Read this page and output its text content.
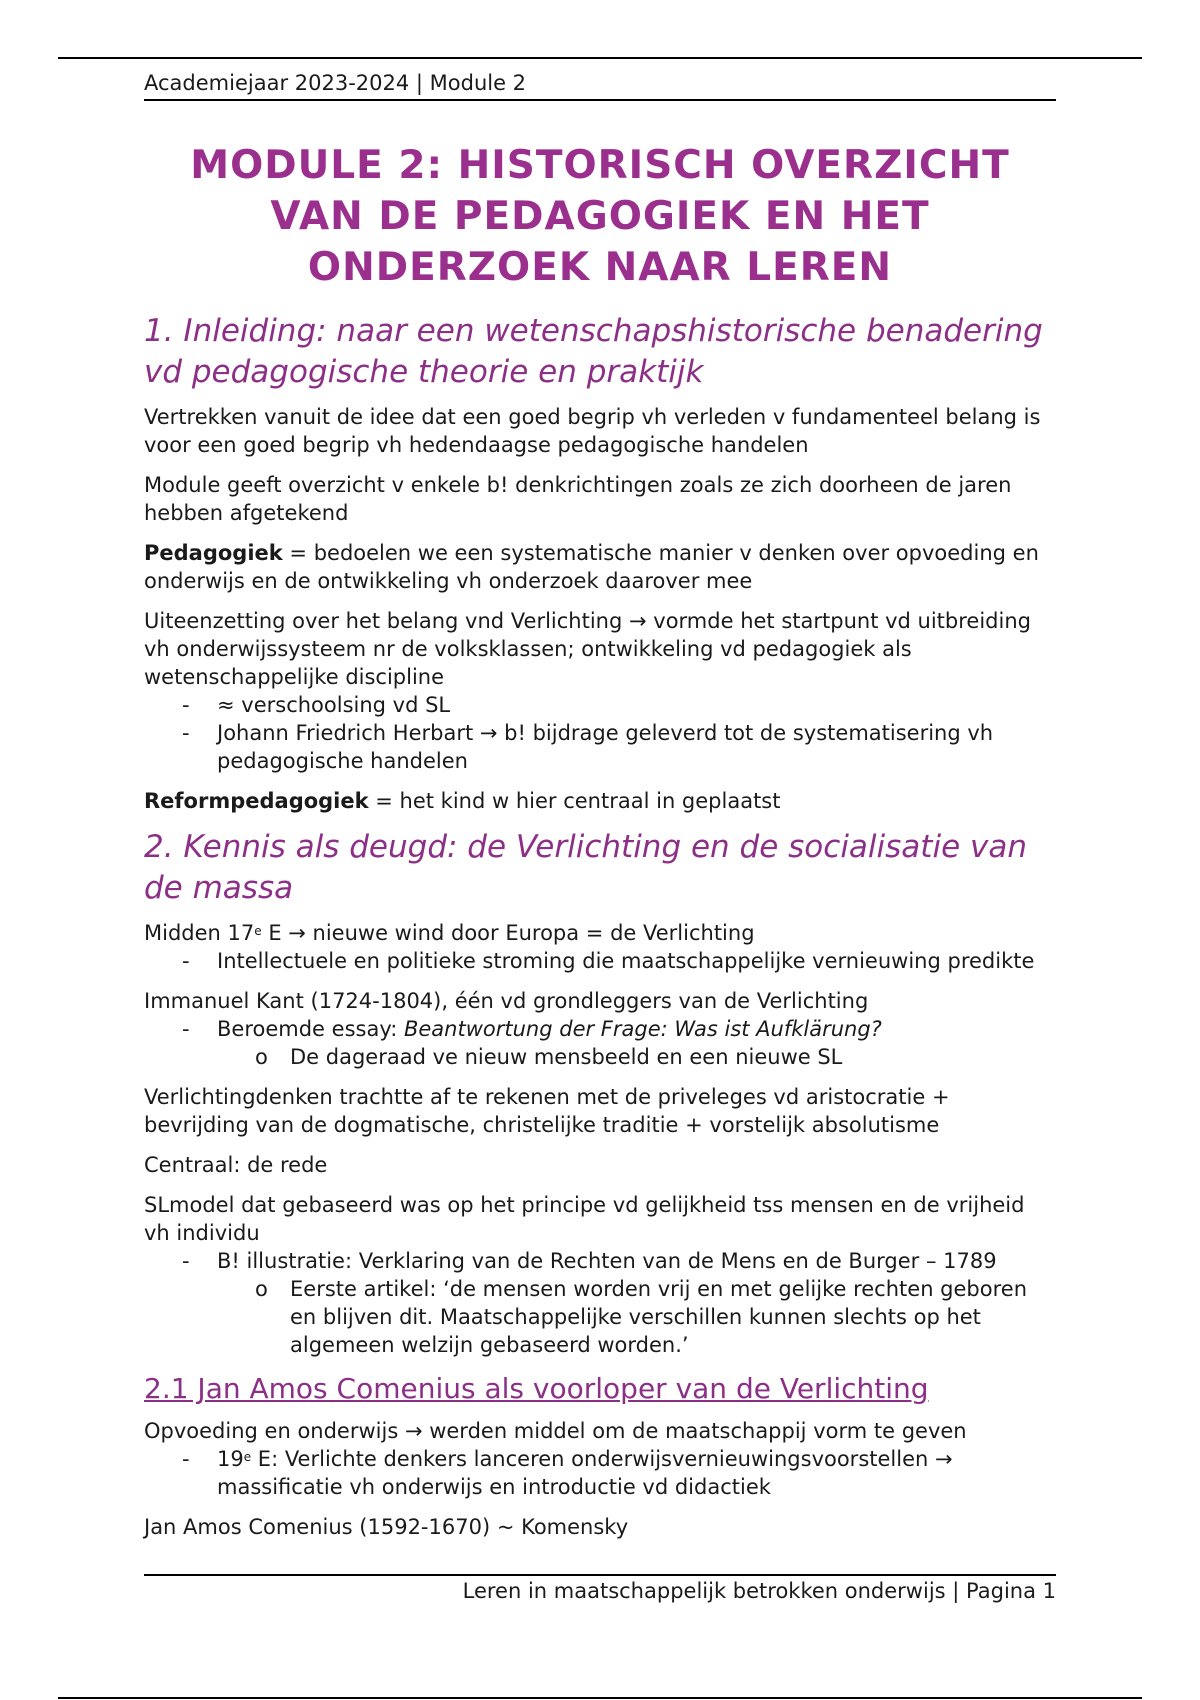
Academiejaar 2023-2024 | Module 2
MODULE 2: HISTORISCH OVERZICHT VAN DE PEDAGOGIEK EN HET ONDERZOEK NAAR LEREN
1. Inleiding: naar een wetenschapshistorische benadering vd pedagogische theorie en praktijk

Vertrekken vanuit de idee dat een goed begrip vh verleden v fundamenteel belang is voor een goed begrip vh hedendaagse pedagogische handelen

Module geeft overzicht v enkele b! denkrichtingen zoals ze zich doorheen de jaren hebben afgetekend

Pedagogiek = bedoelen we een systematische manier v denken over opvoeding en onderwijs en de ontwikkeling vh onderzoek daarover mee

Uiteenzetting over het belang vnd Verlichting → vormde het startpunt vd uitbreiding vh onderwijssysteem nr de volksklassen; ontwikkeling vd pedagogiek als wetenschappelijke discipline

- ≈ verschoolsing vd SL
- Johann Friedrich Herbart → b! bijdrage geleverd tot de systematisering vh pedagogische handelen

Reformpedagogiek = het kind w hier centraal in geplaatst

2. Kennis als deugd: de Verlichting en de socialisatie van de massa

Midden 17e E → nieuwe wind door Europa = de Verlichting

- Intellectuele en politieke stroming die maatschappelijke vernieuwing predikte

Immanuel Kant (1724-1804), één vd grondleggers van de Verlichting

- Beroemde essay: Beantwortung der Frage: Was ist Aufklärung?
o De dageraad ve nieuw mensbeeld en een nieuwe SL

Verlichtingdenken trachtte af te rekenen met de priveleges vd aristocratie + bevrijding van de dogmatische, christelijke traditie + vorstelijk absolutisme

Centraal: de rede

SLmodel dat gebaseerd was op het principe vd gelijkheid tss mensen en de vrijheid vh individu

- B! illustratie: Verklaring van de Rechten van de Mens en de Burger – 1789
o Eerste artikel: ‘de mensen worden vrij en met gelijke rechten geboren en blijven dit. Maatschappelijke verschillen kunnen slechts op het algemeen welzijn gebaseerd worden.’
2.1 Jan Amos Comenius als voorloper van de Verlichting

Opvoeding en onderwijs → werden middel om de maatschappij vorm te geven

- 19e E: Verlichte denkers lanceren onderwijsvernieuwingsvoorstellen → massificatie vh onderwijs en introductie vd didactiek

Jan Amos Comenius (1592-1670) ~ Komensky

Leren in maatschappelijk betrokken onderwijs | Pagina 1
